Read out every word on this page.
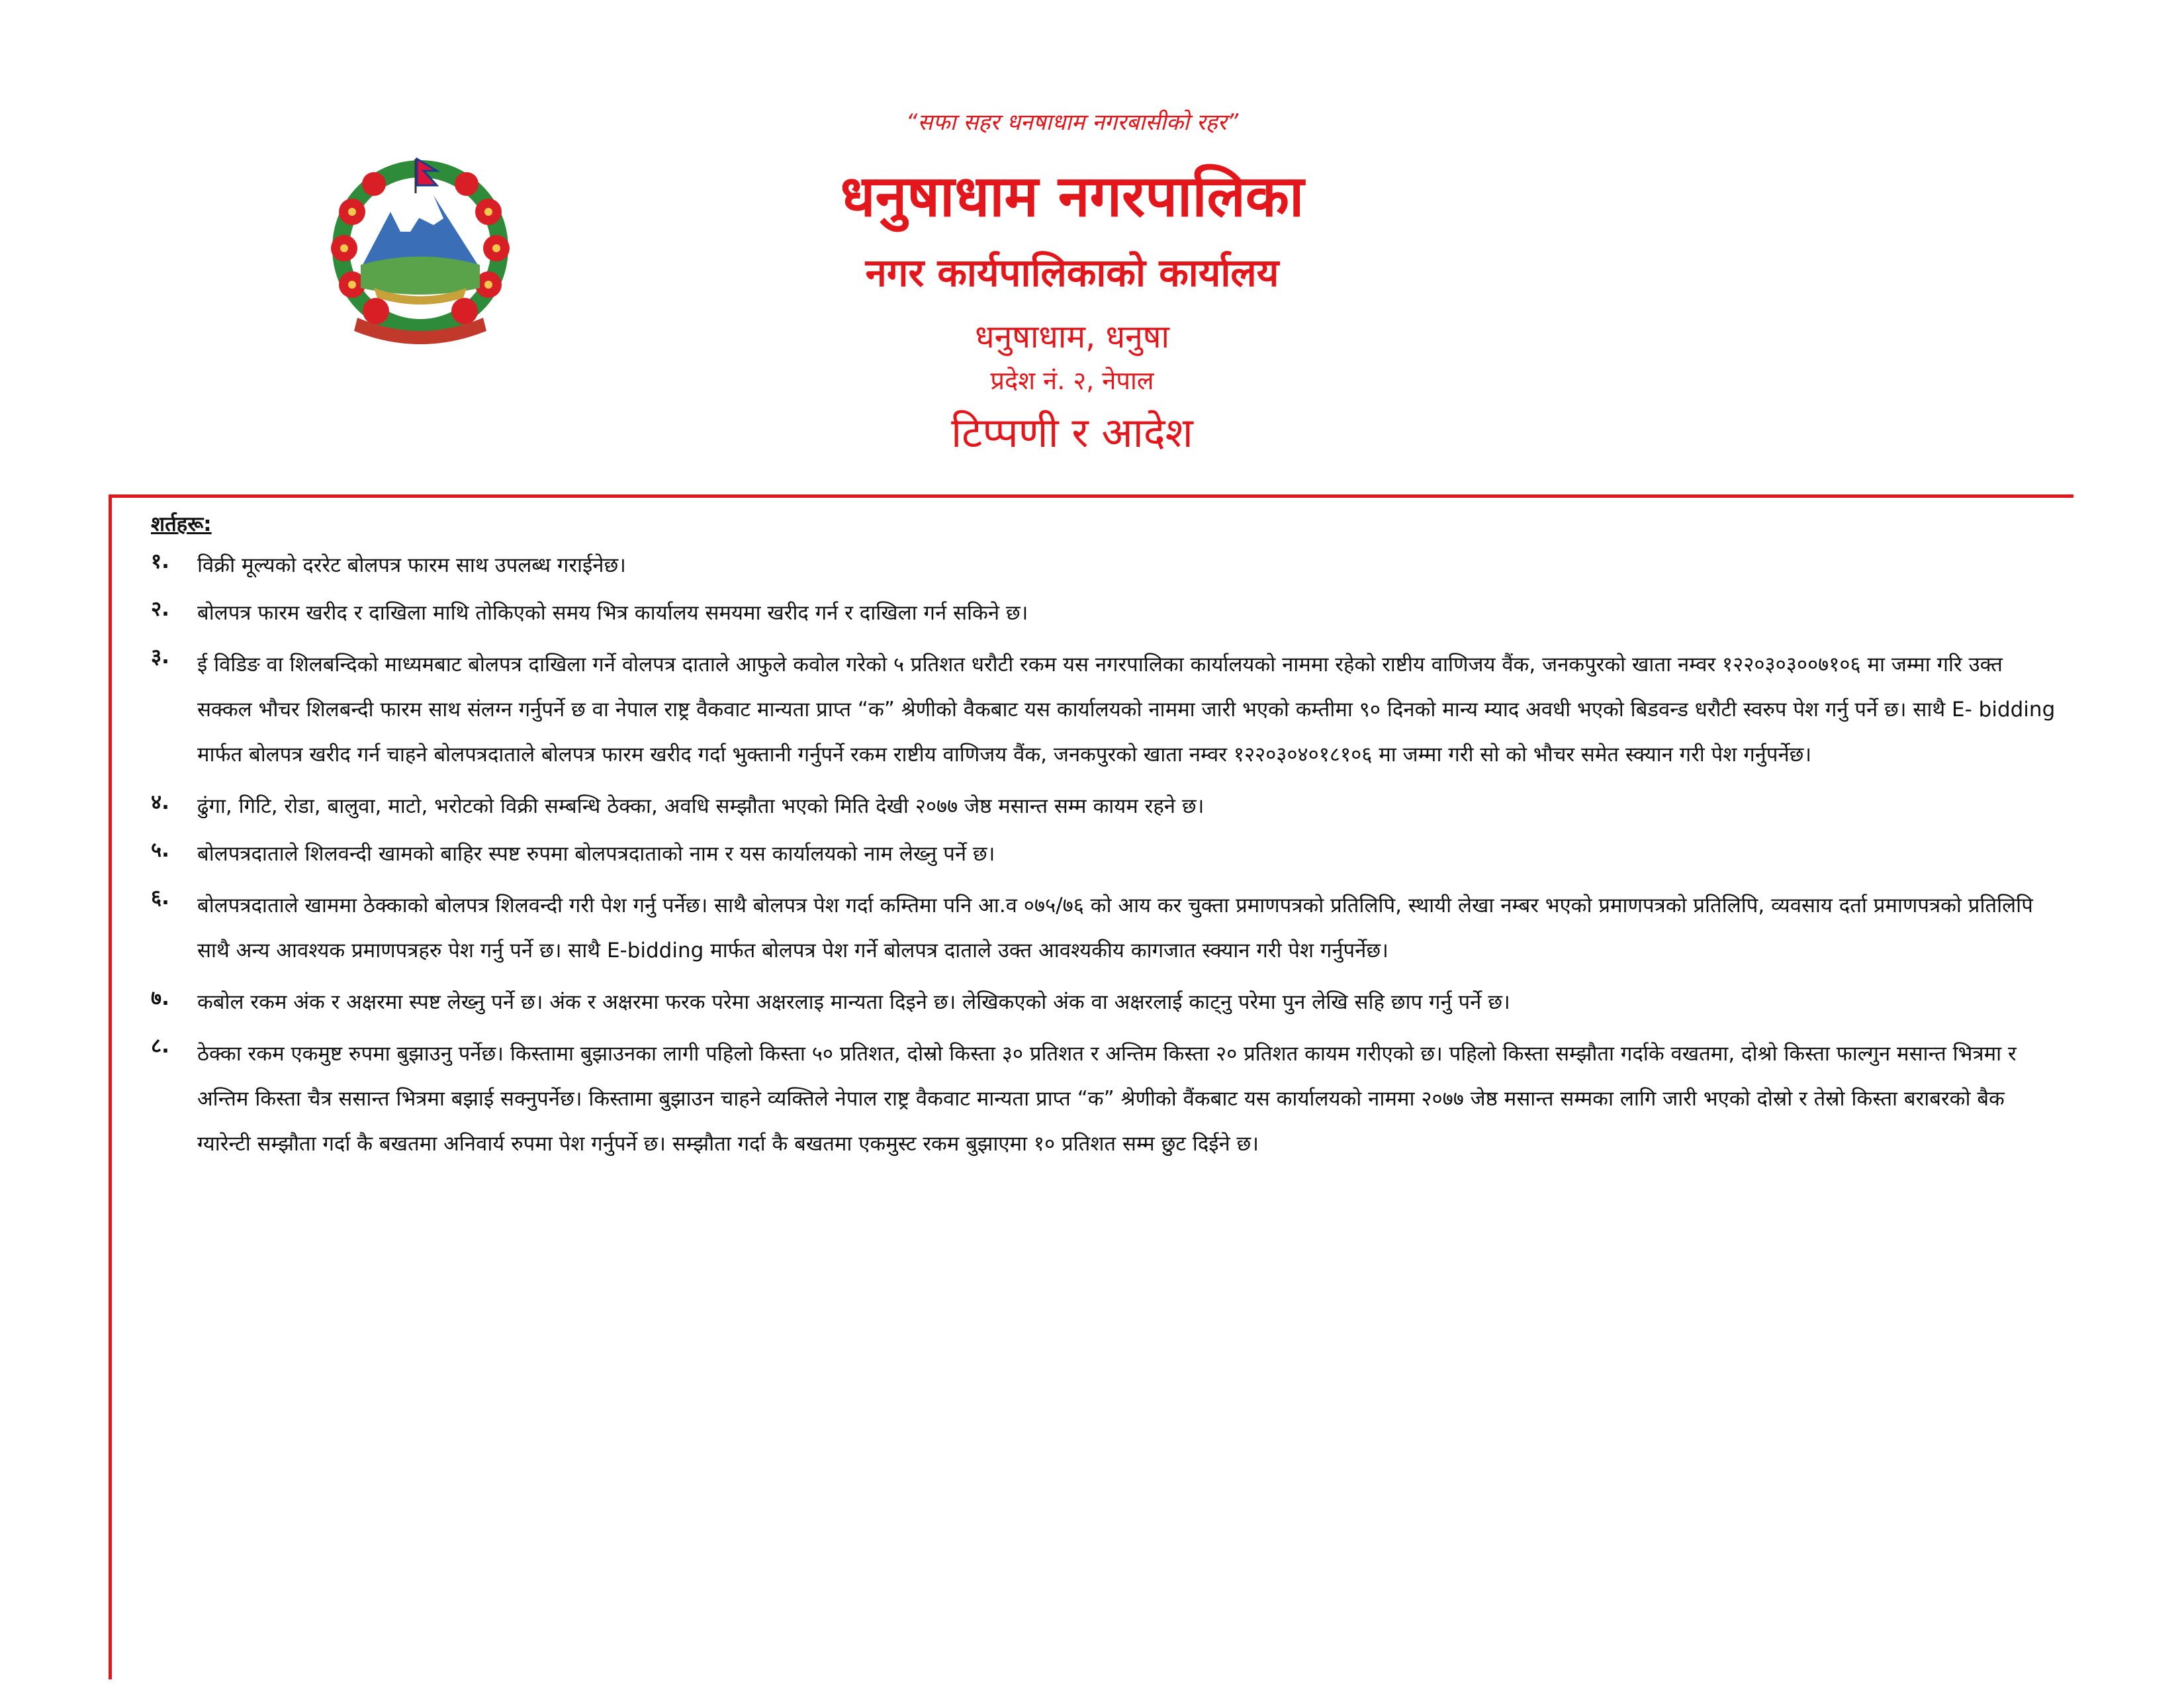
“सफा सहर धनषाधाम नगरबासीको रहर”
धनुषाधाम नगरपालिका
नगर कार्यपालिकाको कार्यालय
धनुषाधाम, धनुषा
प्रदेश नं. २, नेपाल
टिप्पणी र आदेश
शर्तहरू:
१.	विक्री मूल्यको दररेट बोलपत्र फारम साथ उपलब्ध गराईनेछ।
२.	बोलपत्र फारम खरीद र दाखिला माथि तोकिएको समय भित्र कार्यालय समयमा खरीद गर्न र दाखिला गर्न सकिने छ।
३.	ई विडिङ वा शिलबन्दिको माध्यमबाट बोलपत्र दाखिला गर्ने वोलपत्र दाताले आफुले कवोल गरेको ५ प्रतिशत धरौटी रकम यस नगरपालिका कार्यालयको नाममा रहेको राष्टीय वाणिजय वैंक, जनकपुरको खाता नम्वर १२२०३०३००७१०६ मा जम्मा गरि उक्त सक्कल भौचर शिलबन्दी फारम साथ संलग्न गर्नुपर्ने छ वा नेपाल राष्ट्र वैकवाट मान्यता प्राप्त “क” श्रेणीको वैकबाट यस कार्यालयको नाममा जारी भएको कम्तीमा ९० दिनको मान्य म्याद अवधी भएको बिडवन्ड धरौटी स्वरुप पेश गर्नु पर्ने छ। साथै E- bidding मार्फत बोलपत्र खरीद गर्न चाहने बोलपत्रदाताले बोलपत्र फारम खरीद गर्दा भुक्तानी गर्नुपर्ने रकम राष्टीय वाणिजय वैंक, जनकपुरको खाता नम्वर १२२०३०४०१८१०६ मा जम्मा गरी सो को भौचर समेत स्क्यान गरी पेश गर्नुपर्नेछ।
४.	ढुंगा, गिटि, रोडा, बालुवा, माटो, भरोटको विक्री सम्बन्धि ठेक्का, अवधि सम्झौता भएको मिति देखी २०७७ जेष्ठ मसान्त सम्म कायम रहने छ।
५.	बोलपत्रदाताले शिलवन्दी खामको बाहिर स्पष्ट रुपमा बोलपत्रदाताको नाम र यस कार्यालयको नाम लेख्नु पर्ने छ।
६.	बोलपत्रदाताले खाममा ठेक्काको बोलपत्र शिलवन्दी गरी पेश गर्नु पर्नेछ। साथै बोलपत्र पेश गर्दा कम्तिमा पनि आ.व ०७५/७६ को आय कर चुक्ता प्रमाणपत्रको प्रतिलिपि, स्थायी लेखा नम्बर भएको प्रमाणपत्रको प्रतिलिपि, व्यवसाय दर्ता प्रमाणपत्रको प्रतिलिपि साथै अन्य आवश्यक प्रमाणपत्रहरु पेश गर्नु पर्ने छ। साथै E-bidding मार्फत बोलपत्र पेश गर्ने बोलपत्र दाताले उक्त आवश्यकीय कागजात स्क्यान गरी पेश गर्नुपर्नेछ।
७.	कबोल रकम अंक र अक्षरमा स्पष्ट लेख्नु पर्ने छ। अंक र अक्षरमा फरक परेमा अक्षरलाइ मान्यता दिइने छ। लेखिकएको अंक वा अक्षरलाई काट्नु परेमा पुन लेखि सहि छाप गर्नु पर्ने छ।
८.	ठेक्का रकम एकमुष्ट रुपमा बुझाउनु पर्नेछ। किस्तामा बुझाउनका लागी पहिलो किस्ता ५० प्रतिशत, दोस्रो किस्ता ३० प्रतिशत र अन्तिम किस्ता २० प्रतिशत कायम गरीएको छ। पहिलो किस्ता सम्झौता गर्दाके वखतमा, दोश्रो किस्ता फाल्गुन मसान्त भित्रमा र अन्तिम किस्ता चैत्र ससान्त भित्रमा बझाई सक्नुपर्नेछ। किस्तामा बुझाउन चाहने व्यक्तिले नेपाल राष्ट्र वैकवाट मान्यता प्राप्त “क” श्रेणीको वैंकबाट यस कार्यालयको नाममा २०७७ जेष्ठ मसान्त सम्मका लागि जारी भएको दोस्रो र तेस्रो किस्ता बराबरको बैक ग्यारेन्टी सम्झौता गर्दा कै बखतमा अनिवार्य रुपमा पेश गर्नुपर्ने छ। सम्झौता गर्दा कै बखतमा एकमुस्ट रकम बुझाएमा १० प्रतिशत सम्म छुट दिईने छ।
